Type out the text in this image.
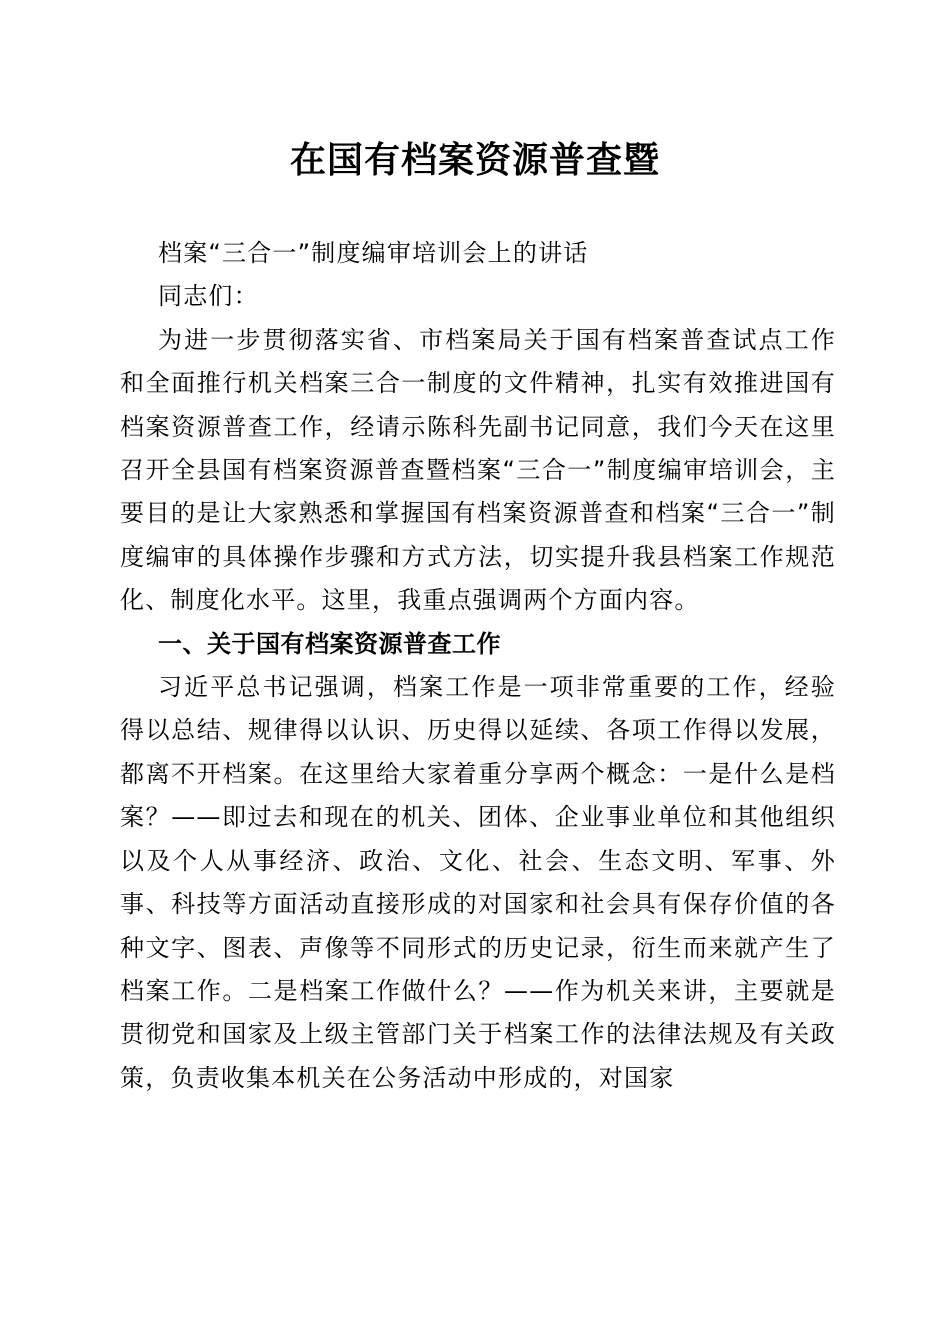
在国有档案资源普查暨

档案“三合一”制度编审培训会上的讲话

同志们：

为进一步贯彻落实省、市档案局关于国有档案普查试点工作和全面推行机关档案三合一制度的文件精神，扎实有效推进国有档案资源普查工作，经请示陈科先副书记同意，我们今天在这里召开全县国有档案资源普查暨档案“三合一”制度编审培训会，主要目的是让大家熟悉和掌握国有档案资源普查和档案“三合一”制度编审的具体操作步骤和方式方法，切实提升我县档案工作规范化、制度化水平。这里，我重点强调两个方面内容。

一、关于国有档案资源普查工作

习近平总书记强调，档案工作是一项非常重要的工作，经验得以总结、规律得以认识、历史得以延续、各项工作得以发展，都离不开档案。在这里给大家着重分享两个概念：一是什么是档案？——即过去和现在的机关、团体、企业事业单位和其他组织以及个人从事经济、政治、文化、社会、生态文明、军事、外事、科技等方面活动直接形成的对国家和社会具有保存价值的各种文字、图表、声像等不同形式的历史记录，衍生而来就产生了档案工作。二是档案工作做什么？——作为机关来讲，主要就是贯彻党和国家及上级主管部门关于档案工作的法律法规及有关政策，负责收集本机关在公务活动中形成的，对国家
